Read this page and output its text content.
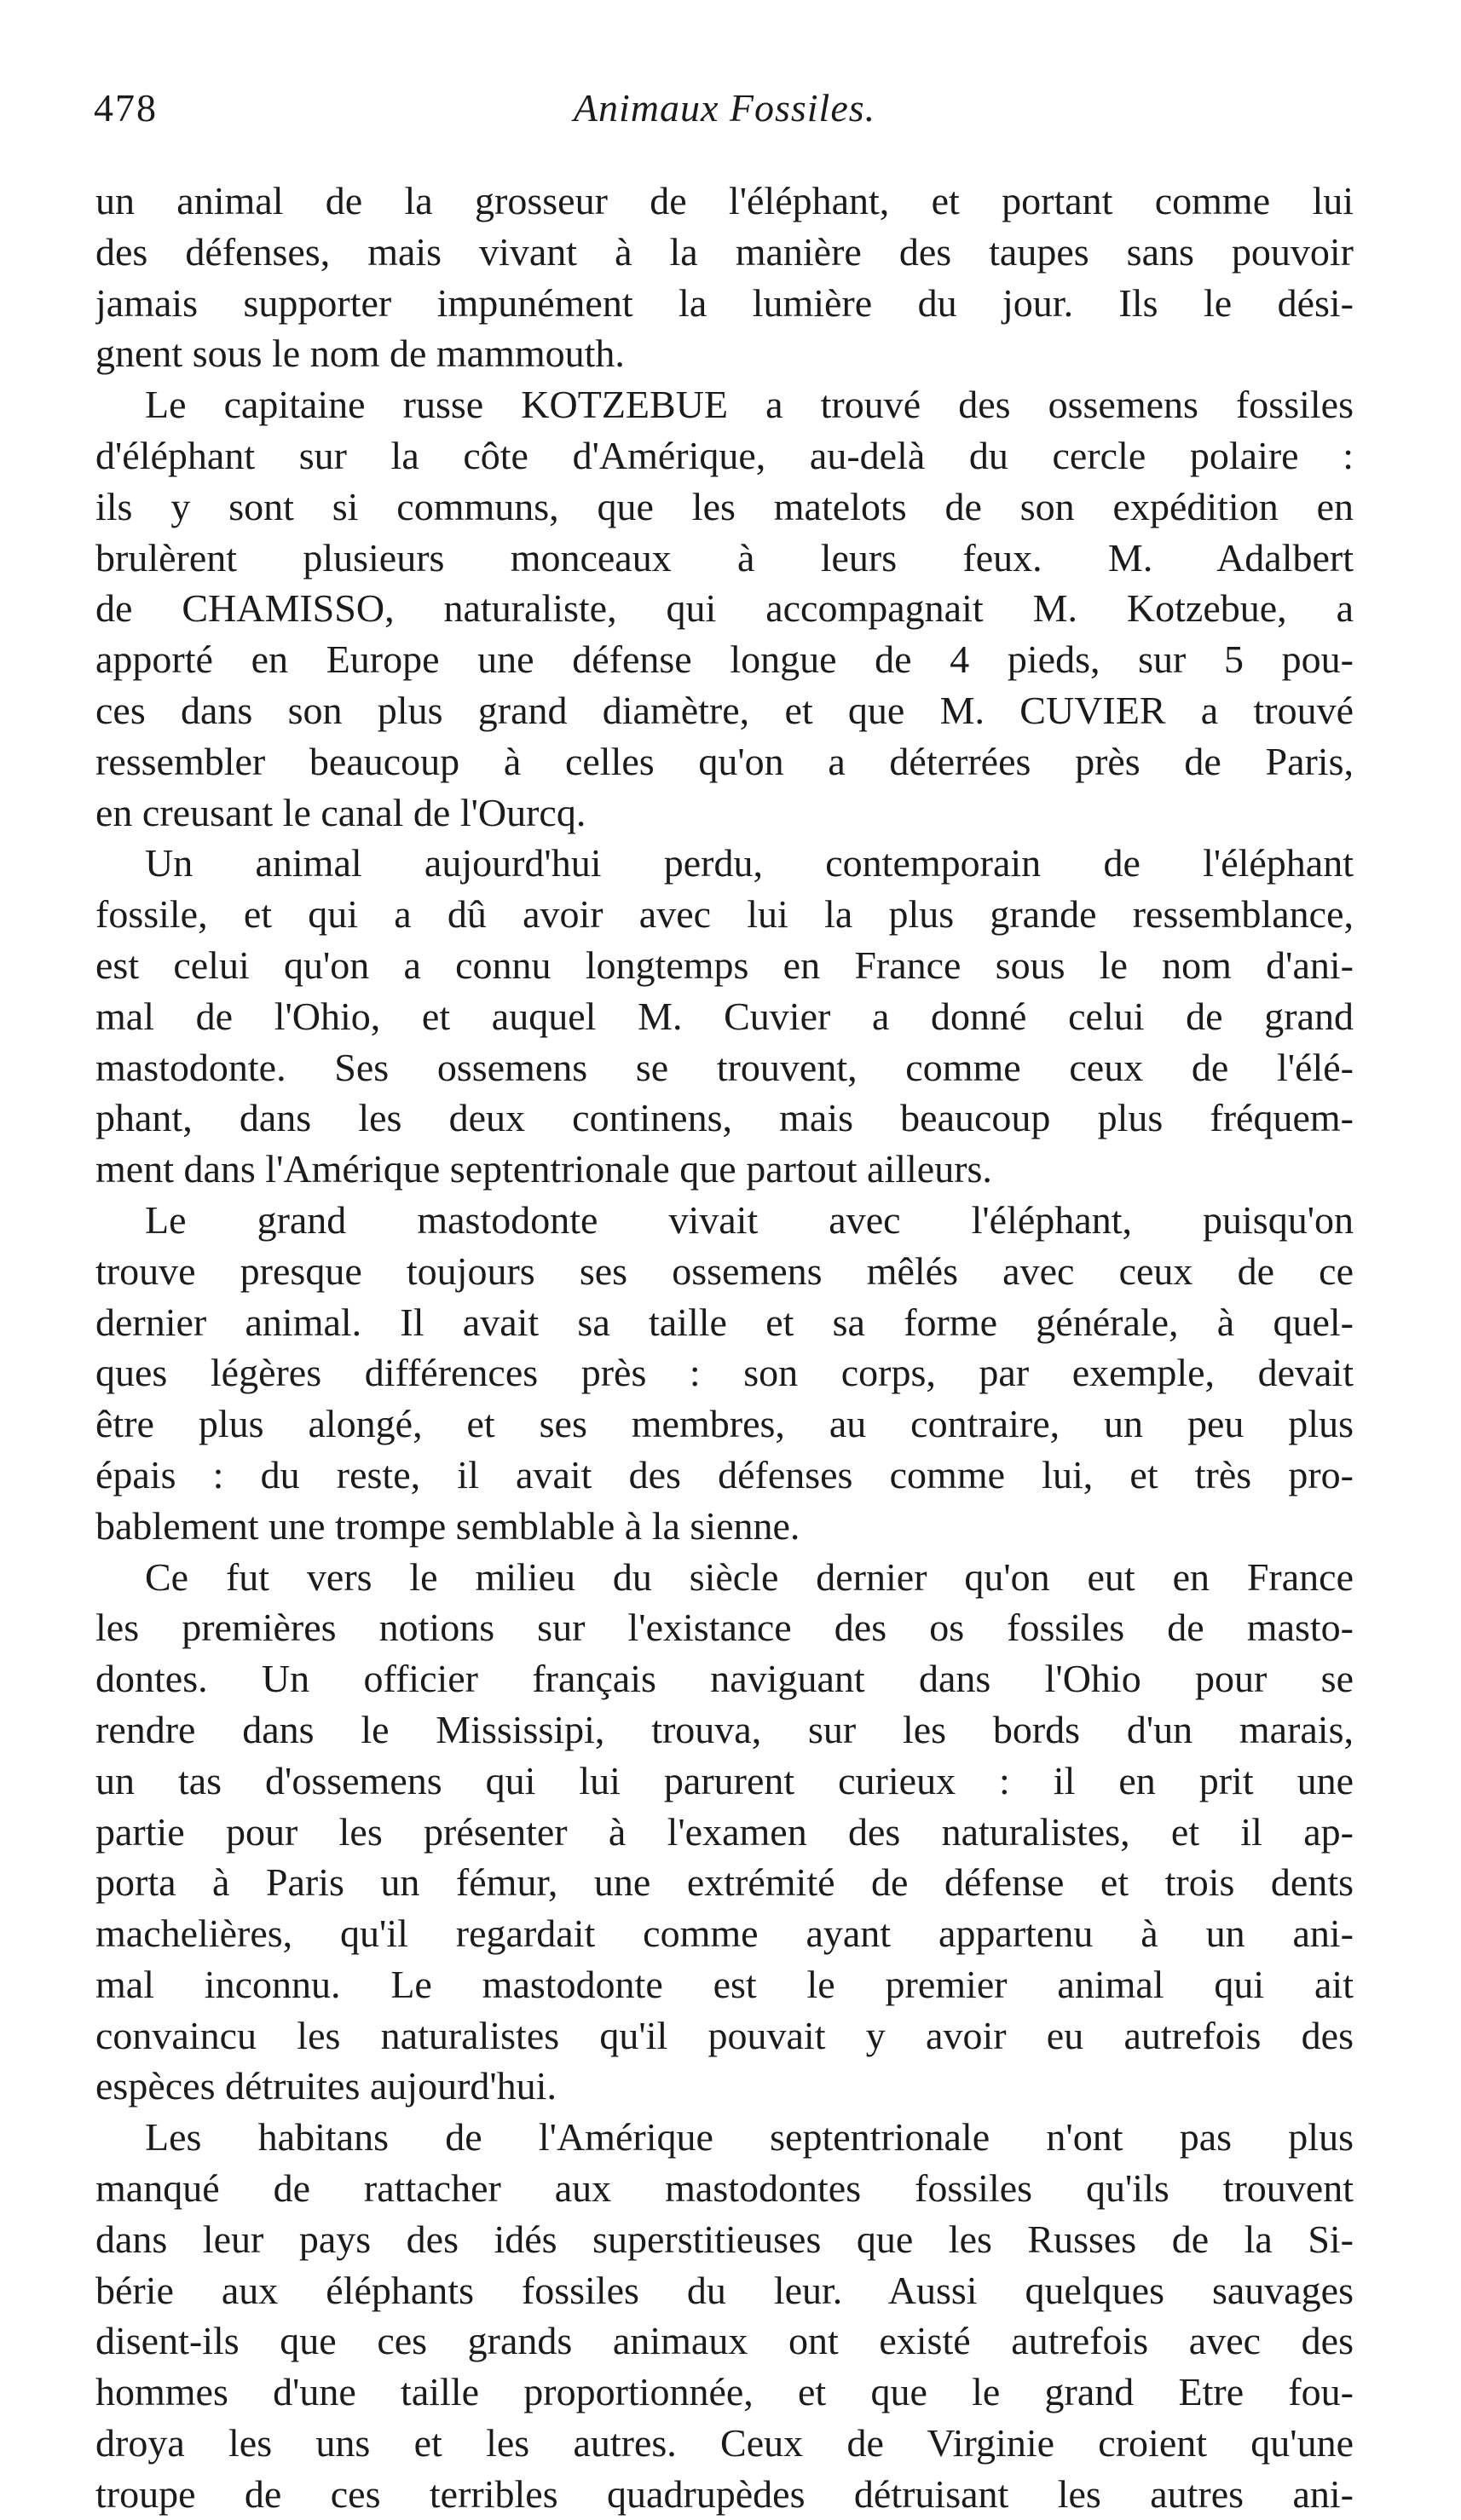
478	Animaux Fossiles.
un animal de la grosseur de l'éléphant, et portant comme lui
des défenses, mais vivant à la manière des taupes sans pouvoir
jamais supporter impunément la lumière du jour. Ils le dési-
gnent sous le nom de mammouth.
Le capitaine russe KOTZEBUE a trouvé des ossemens fossiles
d'éléphant sur la côte d'Amérique, au-delà du cercle polaire :
ils y sont si communs, que les matelots de son expédition en
brulèrent plusieurs monceaux à leurs feux. M. Adalbert
de CHAMISSO, naturaliste, qui accompagnait M. Kotzebue, a
apporté en Europe une défense longue de 4 pieds, sur 5 pou-
ces dans son plus grand diamètre, et que M. CUVIER a trouvé
ressembler beaucoup à celles qu'on a déterrées près de Paris,
en creusant le canal de l'Ourcq.
Un animal aujourd'hui perdu, contemporain de l'éléphant
fossile, et qui a dû avoir avec lui la plus grande ressemblance,
est celui qu'on a connu longtemps en France sous le nom d'ani-
mal de l'Ohio, et auquel M. Cuvier a donné celui de grand
mastodonte. Ses ossemens se trouvent, comme ceux de l'élé-
phant, dans les deux continens, mais beaucoup plus fréquem-
ment dans l'Amérique septentrionale que partout ailleurs.
Le grand mastodonte vivait avec l'éléphant, puisqu'on
trouve presque toujours ses ossemens mêlés avec ceux de ce
dernier animal. Il avait sa taille et sa forme générale, à quel-
ques légères différences près : son corps, par exemple, devait
être plus alongé, et ses membres, au contraire, un peu plus
épais : du reste, il avait des défenses comme lui, et très pro-
bablement une trompe semblable à la sienne.
Ce fut vers le milieu du siècle dernier qu'on eut en France
les premières notions sur l'existance des os fossiles de masto-
dontes. Un officier français naviguant dans l'Ohio pour se
rendre dans le Mississipi, trouva, sur les bords d'un marais,
un tas d'ossemens qui lui parurent curieux : il en prit une
partie pour les présenter à l'examen des naturalistes, et il ap-
porta à Paris un fémur, une extrémité de défense et trois dents
machelières, qu'il regardait comme ayant appartenu à un ani-
mal inconnu. Le mastodonte est le premier animal qui ait
convaincu les naturalistes qu'il pouvait y avoir eu autrefois des
espèces détruites aujourd'hui.
Les habitans de l'Amérique septentrionale n'ont pas plus
manqué de rattacher aux mastodontes fossiles qu'ils trouvent
dans leur pays des idés superstitieuses que les Russes de la Si-
bérie aux éléphants fossiles du leur. Aussi quelques sauvages
disent-ils que ces grands animaux ont existé autrefois avec des
hommes d'une taille proportionnée, et que le grand Etre fou-
droya les uns et les autres. Ceux de Virginie croient qu'une
troupe de ces terribles quadrupèdes détruisant les autres ani-
